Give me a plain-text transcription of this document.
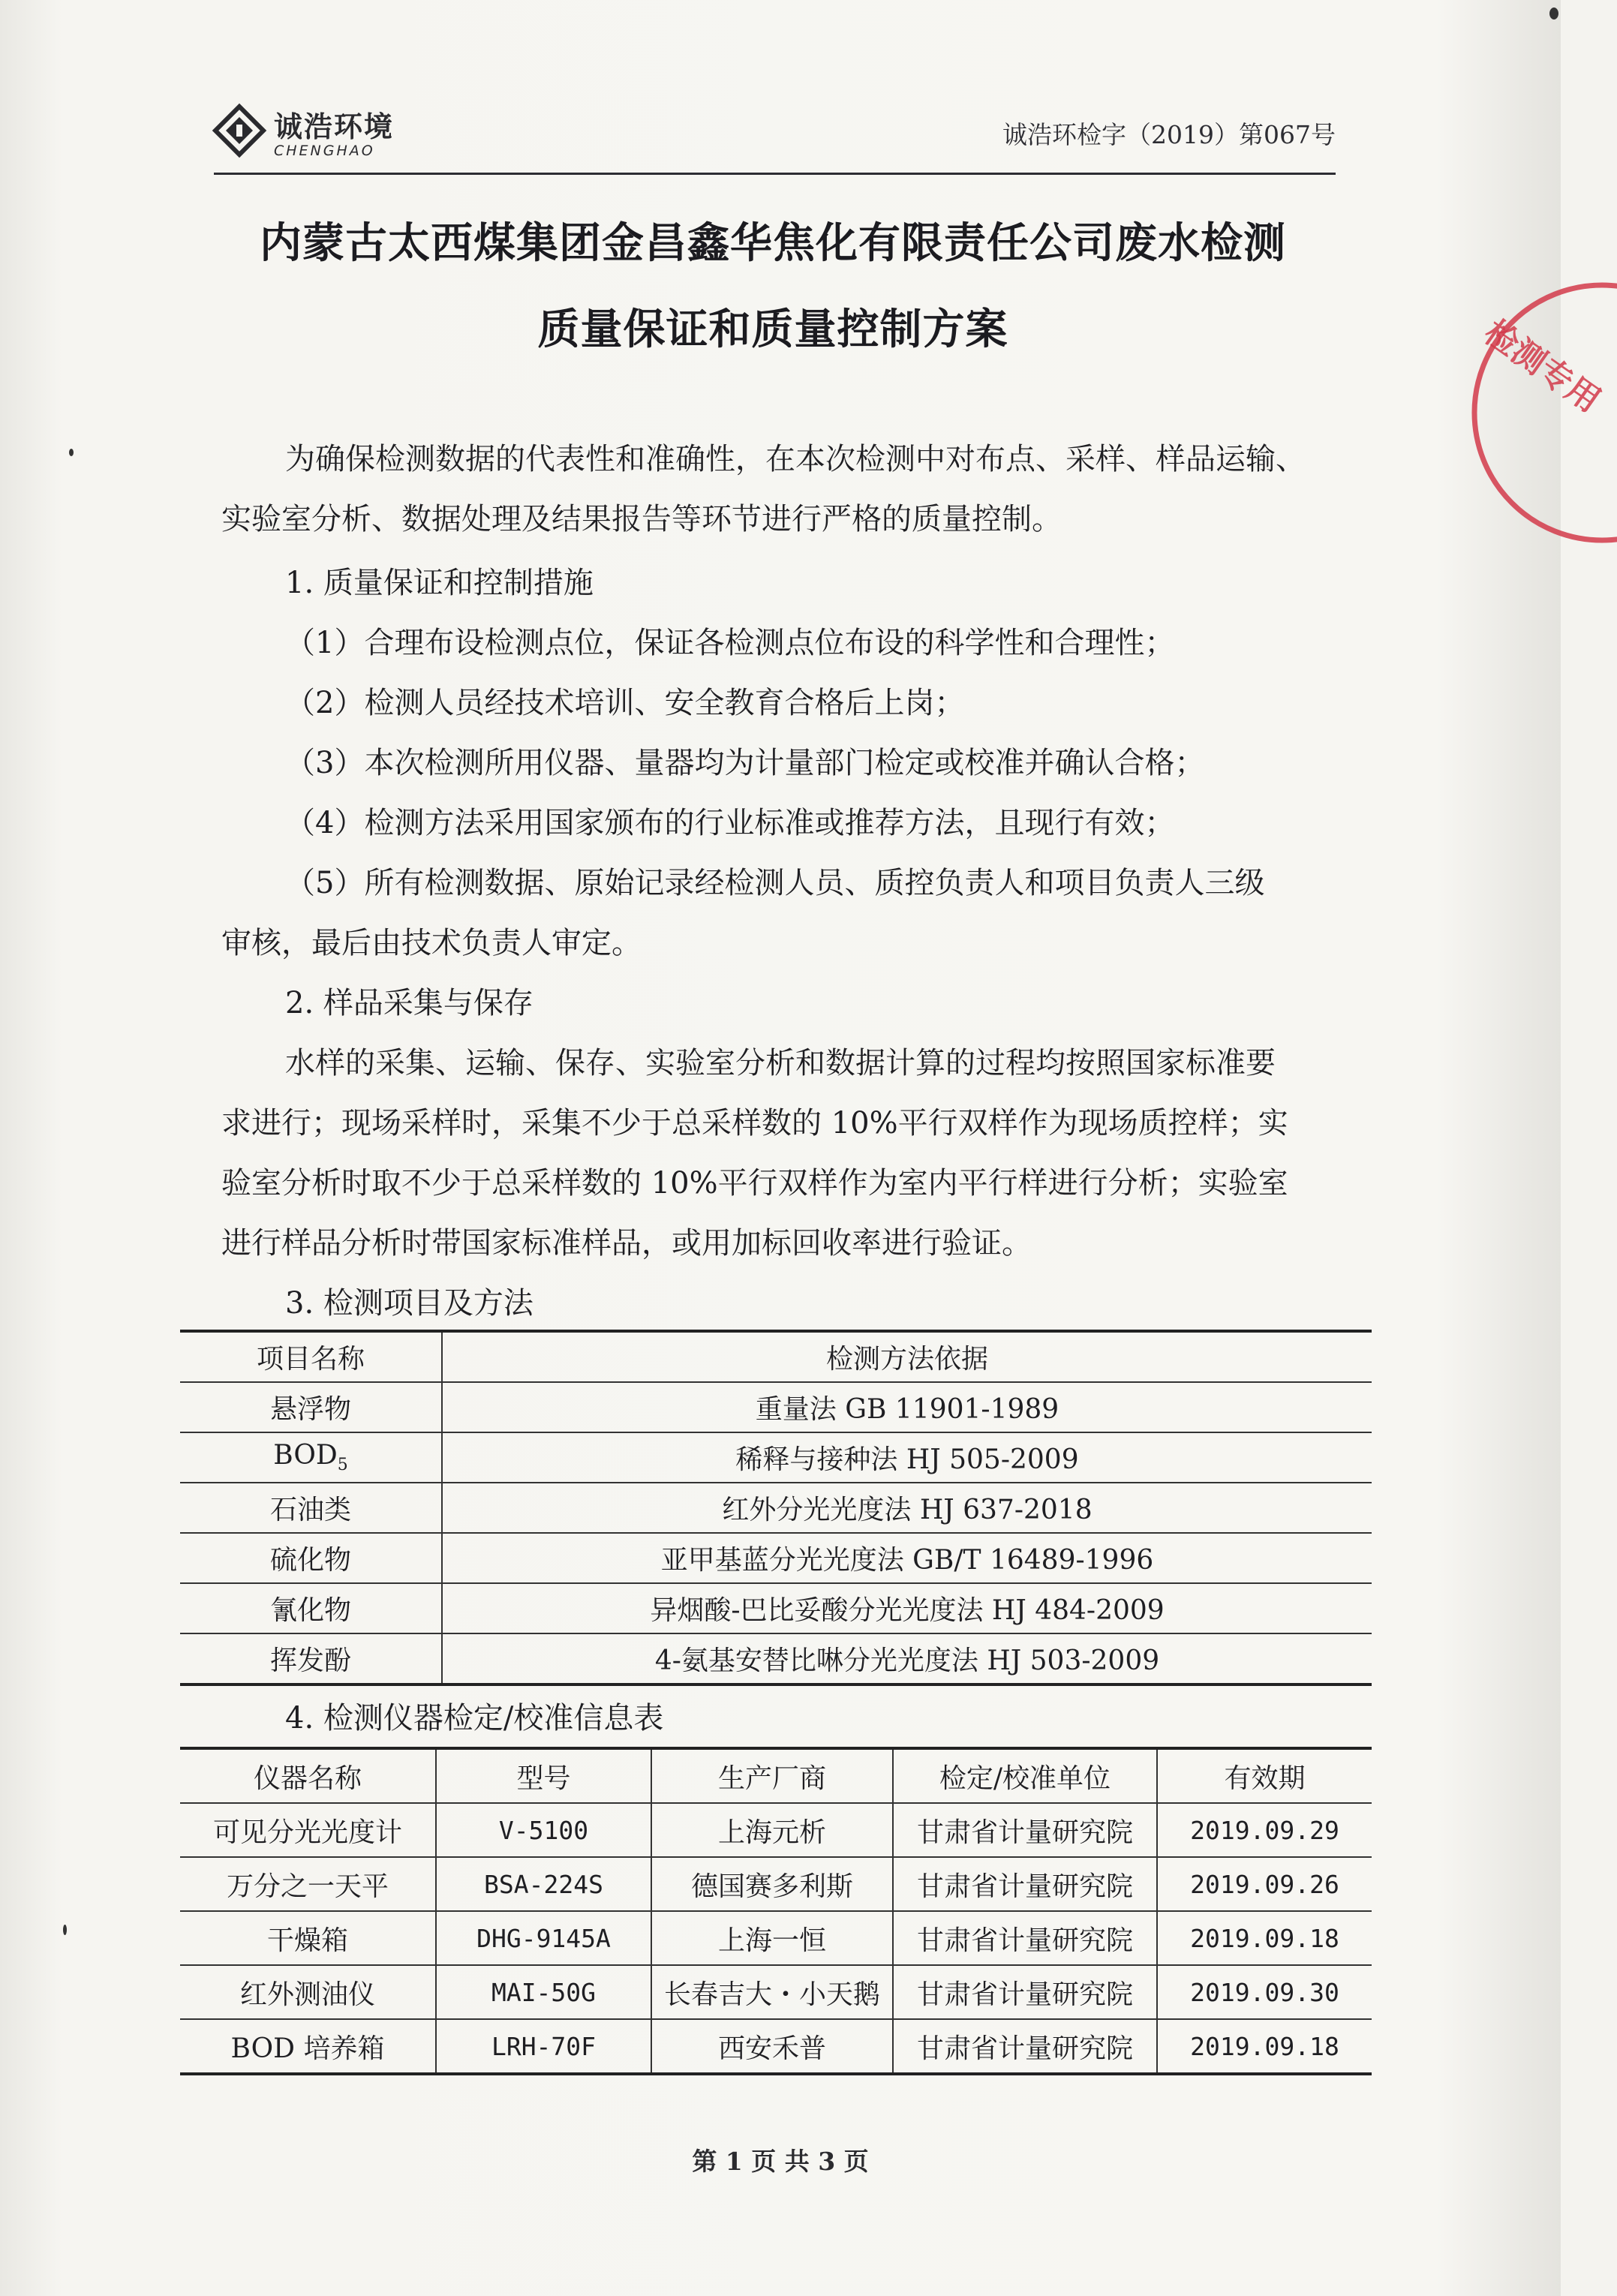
诚浩环境
CHENGHAO
诚浩环检字（2019）第067号
内蒙古太西煤集团金昌鑫华焦化有限责任公司废水检测
质量保证和质量控制方案
为确保检测数据的代表性和准确性，在本次检测中对布点、采样、样品运输、
实验室分析、数据处理及结果报告等环节进行严格的质量控制。
1. 质量保证和控制措施
（1）合理布设检测点位，保证各检测点位布设的科学性和合理性；
（2）检测人员经技术培训、安全教育合格后上岗；
（3）本次检测所用仪器、量器均为计量部门检定或校准并确认合格；
（4）检测方法采用国家颁布的行业标准或推荐方法，且现行有效；
（5）所有检测数据、原始记录经检测人员、质控负责人和项目负责人三级
审核，最后由技术负责人审定。
2. 样品采集与保存
水样的采集、运输、保存、实验室分析和数据计算的过程均按照国家标准要
求进行；现场采样时，采集不少于总采样数的 10%平行双样作为现场质控样；实
验室分析时取不少于总采样数的 10%平行双样作为室内平行样进行分析；实验室
进行样品分析时带国家标准样品，或用加标回收率进行验证。
3. 检测项目及方法
项目名称	检测方法依据
悬浮物	重量法 GB 11901-1989
$BOD_5$	稀释与接种法 HJ 505-2009
石油类	红外分光光度法 HJ 637-2018
硫化物	亚甲基蓝分光光度法 GB/T 16489-1996
氰化物	异烟酸-巴比妥酸分光光度法 HJ 484-2009
挥发酚	4-氨基安替比啉分光光度法 HJ 503-2009
4. 检测仪器检定/校准信息表
仪器名称	型号	生产厂商	检定/校准单位	有效期
可见分光光度计	V-5100	上海元析	甘肃省计量研究院	2019.09.29
万分之一天平	BSA-224S	德国赛多利斯	甘肃省计量研究院	2019.09.26
干燥箱	DHG-9145A	上海一恒	甘肃省计量研究院	2019.09.18
红外测油仪	MAI-50G	长春吉大・小天鹅	甘肃省计量研究院	2019.09.30
BOD 培养箱	LRH-70F	西安禾普	甘肃省计量研究院	2019.09.18
第 1 页 共 3 页
检测专用
